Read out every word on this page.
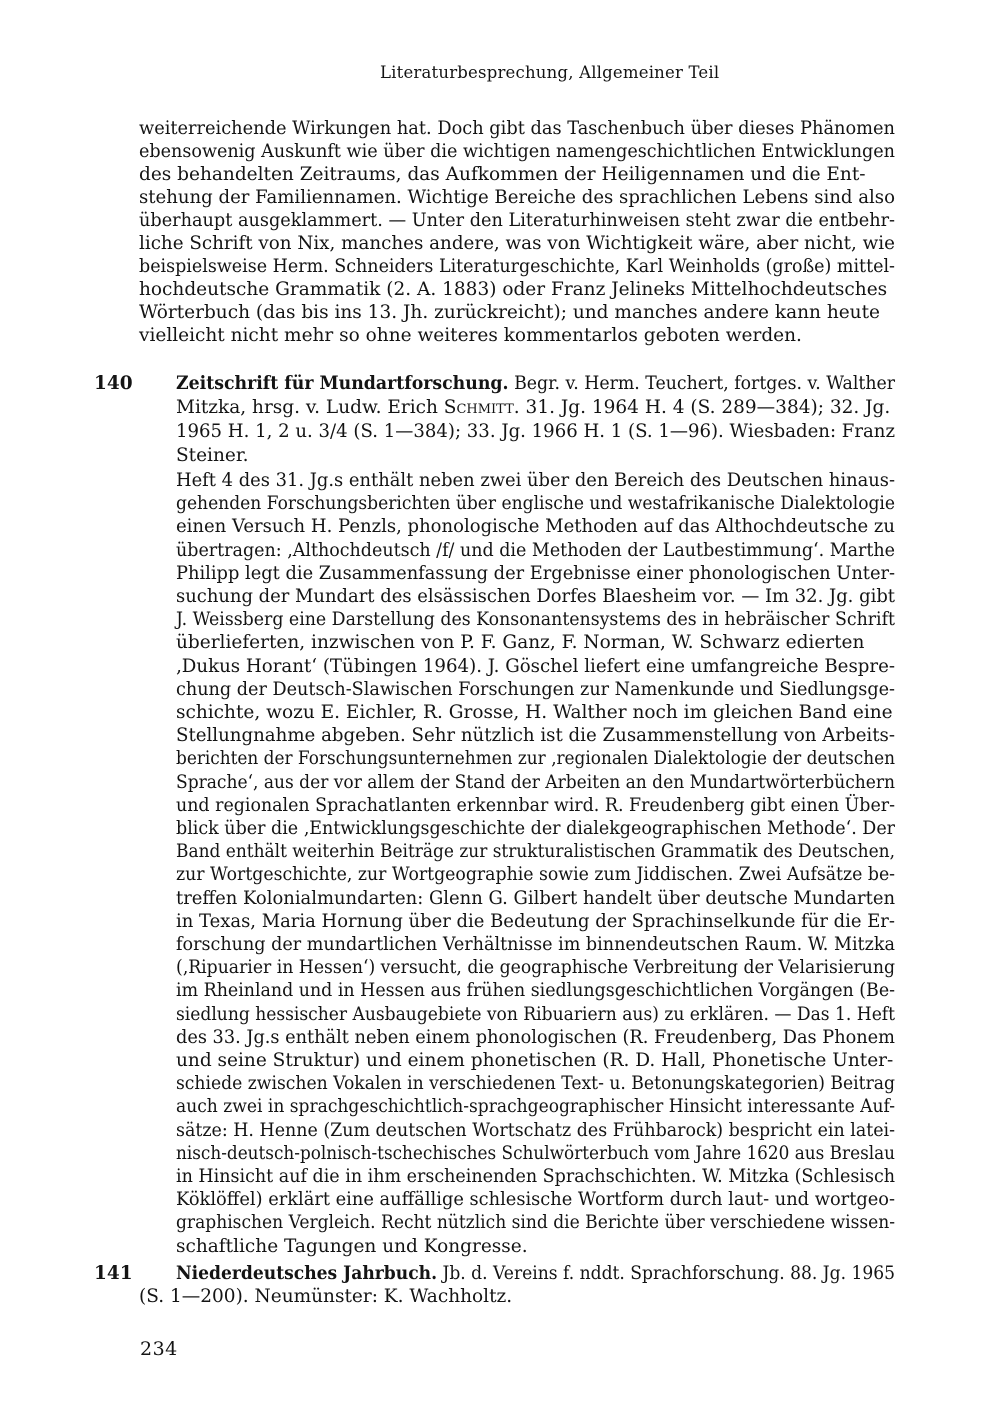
Literaturbesprechung, Allgemeiner Teil
weiterreichende Wirkungen hat. Doch gibt das Taschenbuch über dieses Phänomen
ebensowenig Auskunft wie über die wichtigen namengeschichtlichen Entwicklungen
des behandelten Zeitraums, das Aufkommen der Heiligennamen und die Ent-
stehung der Familiennamen. Wichtige Bereiche des sprachlichen Lebens sind also
überhaupt ausgeklammert. — Unter den Literaturhinweisen steht zwar die entbehr-
liche Schrift von Nix, manches andere, was von Wichtigkeit wäre, aber nicht, wie
beispielsweise Herm. Schneiders Literaturgeschichte, Karl Weinholds (große) mittel-
hochdeutsche Grammatik (2. A. 1883) oder Franz Jelineks Mittelhochdeutsches
Wörterbuch (das bis ins 13. Jh. zurückreicht); und manches andere kann heute
vielleicht nicht mehr so ohne weiteres kommentarlos geboten werden.
140 Zeitschrift für Mundartforschung. Begr. v. Herm. Teuchert, fortges. v. Walther
Mitzka, hrsg. v. Ludw. Erich Schmitt. 31. Jg. 1964 H. 4 (S. 289—384); 32. Jg.
1965 H. 1, 2 u. 3/4 (S. 1—384); 33. Jg. 1966 H. 1 (S. 1—96). Wiesbaden: Franz
Steiner.
Heft 4 des 31. Jg.s enthält neben zwei über den Bereich des Deutschen hinaus-
gehenden Forschungsberichten über englische und westafrikanische Dialektologie
einen Versuch H. Penzls, phonologische Methoden auf das Althochdeutsche zu
übertragen: ‚Althochdeutsch /f/ und die Methoden der Lautbestimmung‘. Marthe
Philipp legt die Zusammenfassung der Ergebnisse einer phonologischen Unter-
suchung der Mundart des elsässischen Dorfes Blaesheim vor. — Im 32. Jg. gibt
J. Weissberg eine Darstellung des Konsonantensystems des in hebräischer Schrift
überlieferten, inzwischen von P. F. Ganz, F. Norman, W. Schwarz edierten
‚Dukus Horant‘ (Tübingen 1964). J. Göschel liefert eine umfangreiche Bespre-
chung der Deutsch-Slawischen Forschungen zur Namenkunde und Siedlungsge-
schichte, wozu E. Eichler, R. Grosse, H. Walther noch im gleichen Band eine
Stellungnahme abgeben. Sehr nützlich ist die Zusammenstellung von Arbeits-
berichten der Forschungsunternehmen zur ‚regionalen Dialektologie der deutschen
Sprache‘, aus der vor allem der Stand der Arbeiten an den Mundartwörterbüchern
und regionalen Sprachatlanten erkennbar wird. R. Freudenberg gibt einen Über-
blick über die ‚Entwicklungsgeschichte der dialekgeographischen Methode‘. Der
Band enthält weiterhin Beiträge zur strukturalistischen Grammatik des Deutschen,
zur Wortgeschichte, zur Wortgeographie sowie zum Jiddischen. Zwei Aufsätze be-
treffen Kolonialmundarten: Glenn G. Gilbert handelt über deutsche Mundarten
in Texas, Maria Hornung über die Bedeutung der Sprachinselkunde für die Er-
forschung der mundartlichen Verhältnisse im binnendeutschen Raum. W. Mitzka
(‚Ripuarier in Hessen‘) versucht, die geographische Verbreitung der Velarisierung
im Rheinland und in Hessen aus frühen siedlungsgeschichtlichen Vorgängen (Be-
siedlung hessischer Ausbaugebiete von Ribuariern aus) zu erklären. — Das 1. Heft
des 33. Jg.s enthält neben einem phonologischen (R. Freudenberg, Das Phonem
und seine Struktur) und einem phonetischen (R. D. Hall, Phonetische Unter-
schiede zwischen Vokalen in verschiedenen Text- u. Betonungskategorien) Beitrag
auch zwei in sprachgeschichtlich-sprachgeographischer Hinsicht interessante Auf-
sätze: H. Henne (Zum deutschen Wortschatz des Frühbarock) bespricht ein latei-
nisch-deutsch-polnisch-tschechisches Schulwörterbuch vom Jahre 1620 aus Breslau
in Hinsicht auf die in ihm erscheinenden Sprachschichten. W. Mitzka (Schlesisch
Köklöffel) erklärt eine auffällige schlesische Wortform durch laut- und wortgeo-
graphischen Vergleich. Recht nützlich sind die Berichte über verschiedene wissen-
schaftliche Tagungen und Kongresse.
141 Niederdeutsches Jahrbuch. Jb. d. Vereins f. nddt. Sprachforschung. 88. Jg. 1965
(S. 1—200). Neumünster: K. Wachholtz.
234
